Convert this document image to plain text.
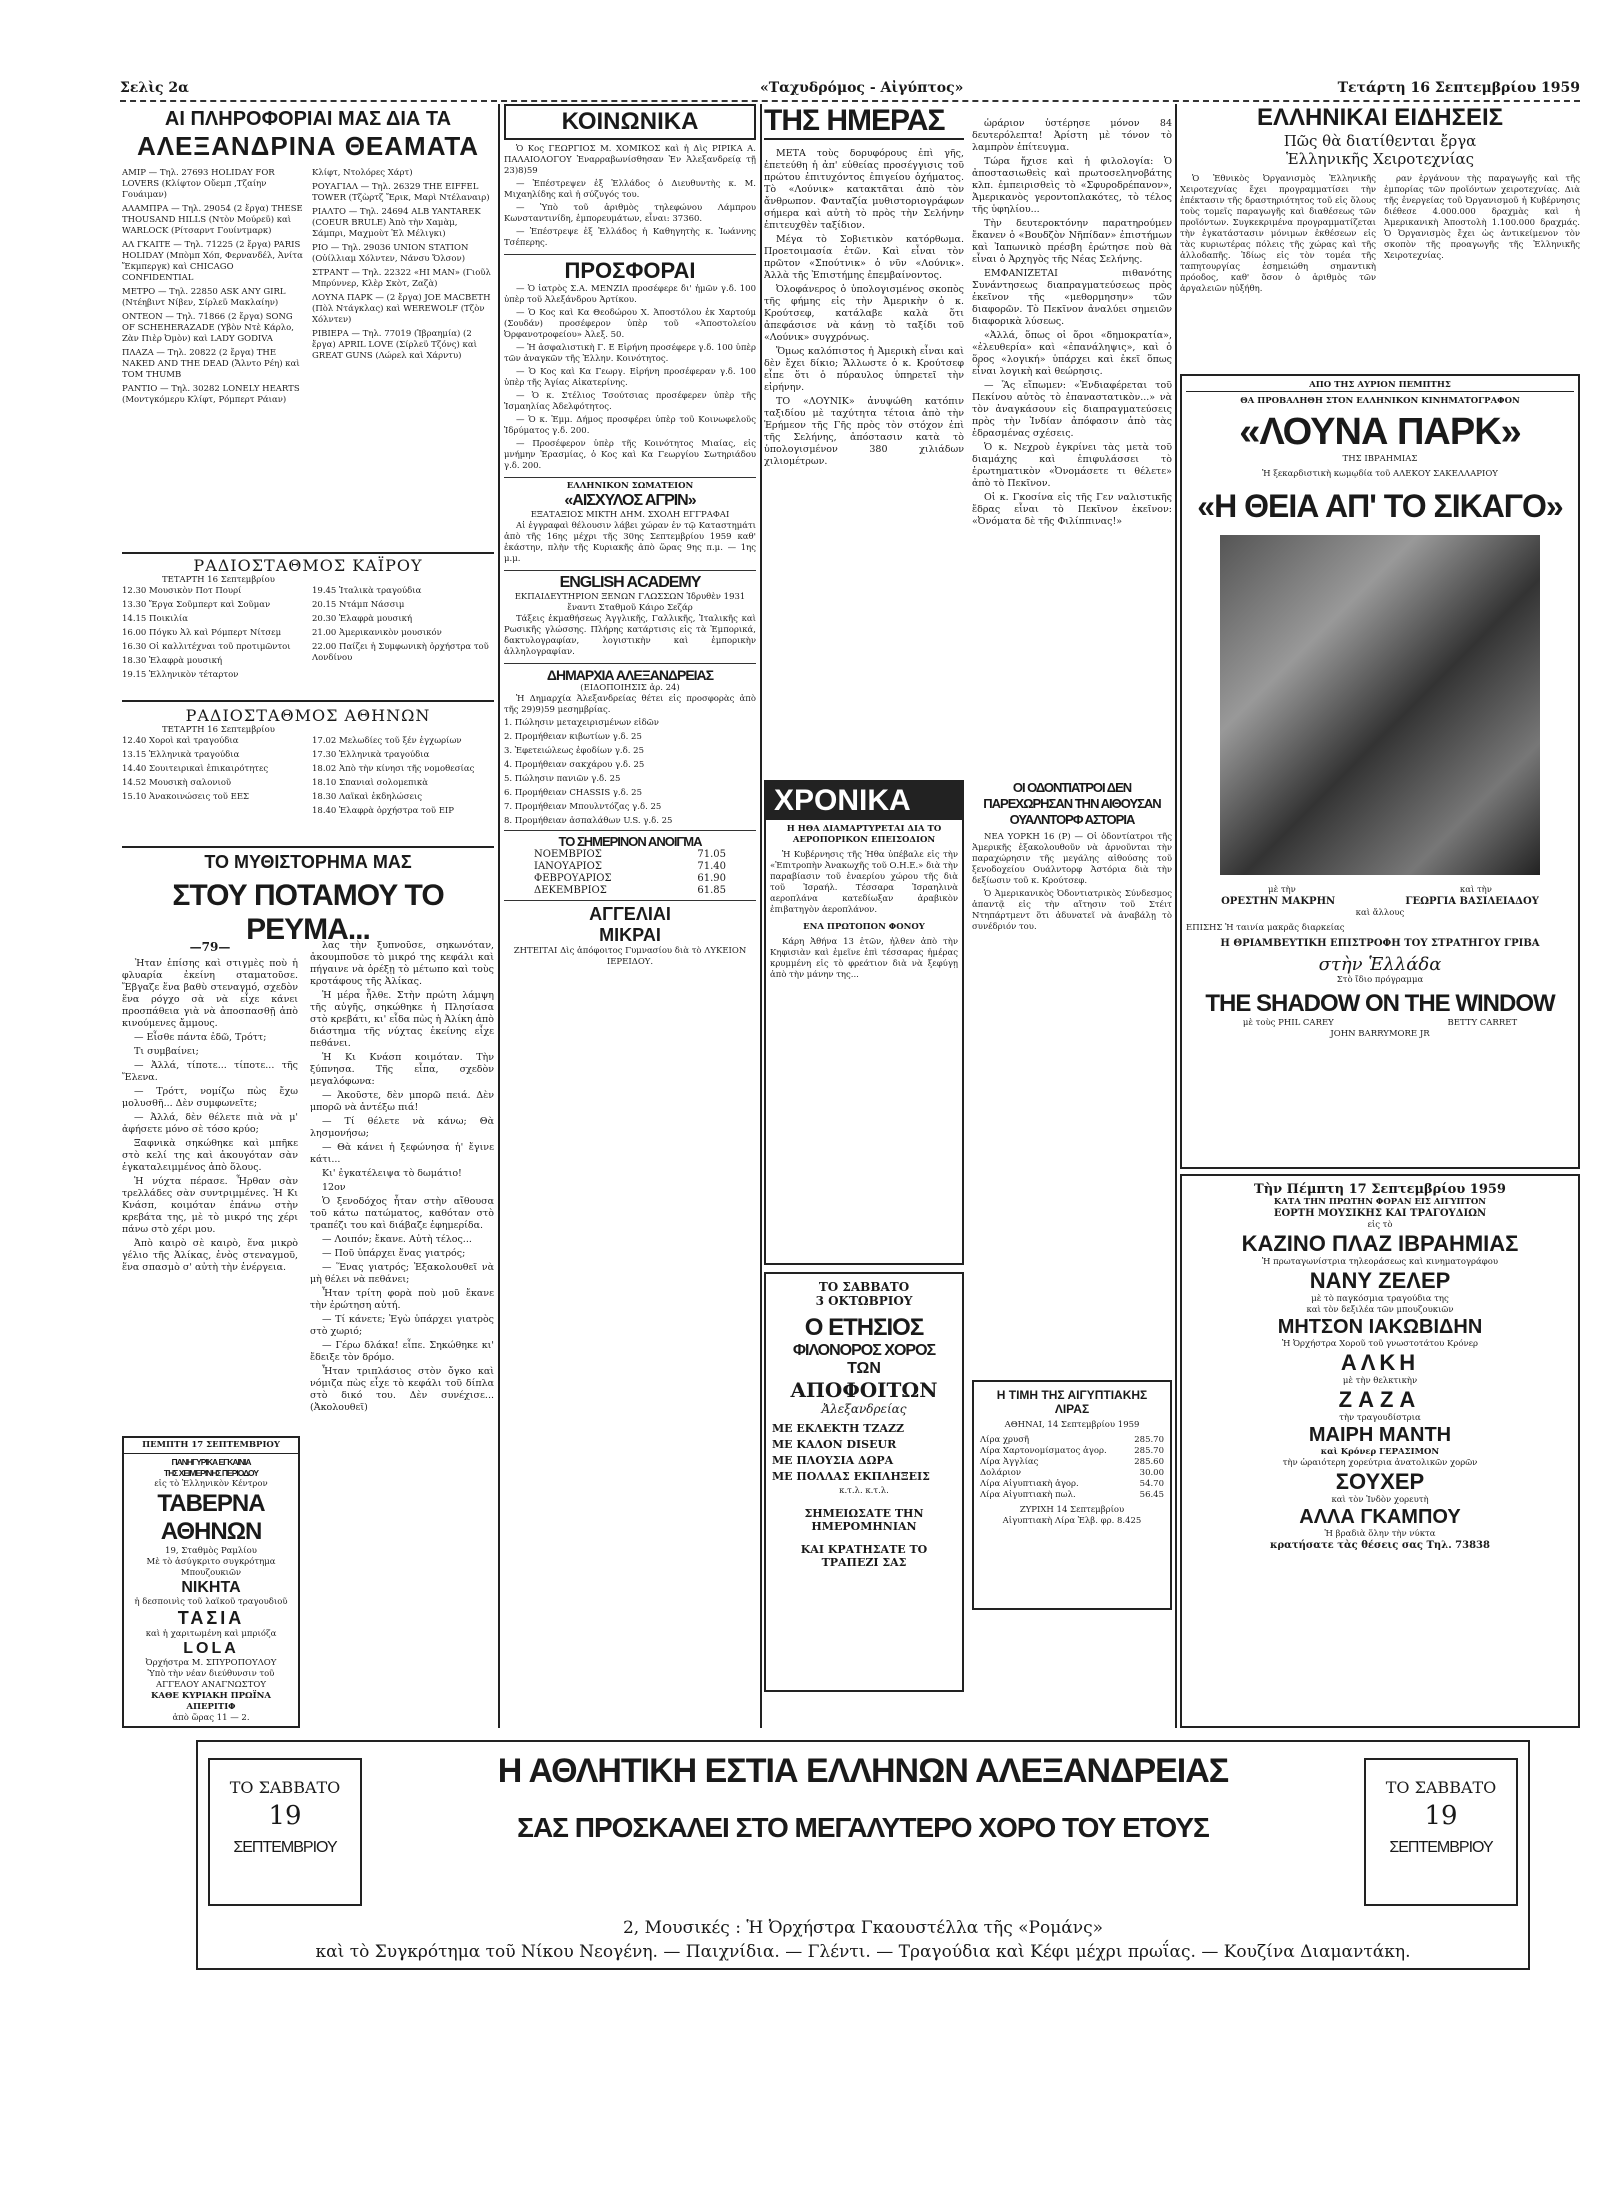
Σελὶς 2α	«Ταχυδρόμος - Αἰγύπτος»	Τετάρτη 16 Σεπτεμβρίου 1959
ΑΙ ΠΛΗΡΟΦΟΡΙΑΙ ΜΑΣ ΔΙΑ ΤΑ
ΑΛΕΞΑΝΔΡΙΝΑ ΘΕΑΜΑΤΑ
ΑΜΙΡ — Τηλ. 27693 HOLIDAY FOR LOVERS (Κλίφτον Οὔεμπ ,Τζαίην Γουάιμαν)
ΑΛΑΜΠΡΑ — Τηλ. 29054 (2 ἔργα) THESE THOUSAND HILLS (Ντὸν Μούρεϋ) καὶ WARLOCK (Ρίτσαρντ Γουίντμαρκ)
ΑΛ ΓΚΑΙΤΕ — Τηλ. 71225 (2 ἔργα) PARIS HOLIDAY (Μπὸμπ Χόπ, Φερνανδέλ, Ἀνίτα Ἔκμπεργκ) καὶ CHICAGO CONFIDENTIAL
ΜΕΤΡΟ — Τηλ. 22850 ASK ANY GIRL (Ντέηβιντ Νίβεν, Σίρλεϋ Μακλαίην)
ΟΝΤΕΟΝ — Τηλ. 71866 (2 ἔργα) SONG OF SCHEHERAZADE (Υβὸν Ντὲ Κάρλο, Ζὰν Πιὲρ Ὀμὸν) καὶ LADY GODIVA
ΠΛΑΖΑ — Τηλ. 20822 (2 ἔργα) THE NAKED AND THE DEAD (Ἄλντο Ρέη) καὶ TOM THUMB
ΡΑΝΤΙΟ — Τηλ. 30282 LONELY HEARTS (Μοντγκόμερυ Κλίφτ, Ρόμπερτ Ράιαν)
Κλίφτ, Ντολόρες Χάρτ)
ΡΟΥΑΓΙΑΛ — Τηλ. 26329 THE EIFFEL TOWER (Τζὼρτζ Ἔρικ, Μαρὶ Ντέλαναιρ)
ΡΙΑΛΤΟ — Τηλ. 24694 ALB YANTAREK (COEUR BRULE) Ἀπὸ τὴν Χαμὰμ, Σάμπρι, Μαχμοὺτ Ἐλ Μέλιγκι)
ΡΙΟ — Τηλ. 29036 UNION STATION (Οὐίλλιαμ Χόλντεν, Νάνσυ Ὄλσον)
ΣΤΡΑΝΤ — Τηλ. 22322 «ΗΙ ΜΑΝ» (Γιοῦλ Μπρύννερ, Κλὲρ Σκὸτ, Ζαζὰ)
ΛΟΥΝΑ ΠΑΡΚ — (2 ἔργα) JOE MACBETH (Πὸλ Ντάγκλας) καὶ WEREWOLF (Τζὸν Χόλντεν)
ΡΙΒΙΕΡΑ — Τηλ. 77019 (Ἰβραημία) (2 ἔργα) APRIL LOVE (Σίρλεϋ Τζόνς) καὶ GREAT GUNS (Λώρελ καὶ Χάρντυ)
ΡΑΔΙΟΣΤΑΘΜΟΣ ΚΑΪΡΟΥ
ΤΕΤΑΡΤΗ 16 Σεπτεμβρίου
12.30 Μουσικὸν Ποτ Πουρί
13.30 Ἔργα Σοῦμπερτ καὶ Σοῦμαν
14.15 Ποικιλία
16.00 Πόγκυ Ἀλ καὶ Ρόμπερτ Νίτσεμ
16.30 Οἱ καλλιτέχναι τοῦ προτιμῶντοι
18.30 Ἑλαφρὰ μουσική
19.15 Ἑλληνικὸν τέταρτον
19.45 Ἰταλικὰ τραγούδια
20.15 Ντάμπ Νάσσιμ
20.30 Ἑλαφρὰ μουσική
21.00 Ἀμερικανικὸν μουσικόν
22.00 Παίζει ἡ Συμφωνικὴ ὀρχήστρα τοῦ Λονδίνου
ΡΑΔΙΟΣΤΑΘΜΟΣ ΑΘΗΝΩΝ
ΤΕΤΑΡΤΗ 16 Σεπτεμβρίου
12.40 Χοροὶ καὶ τραγούδια
13.15 Ἑλληνικὰ τραγούδια
14.40 Σουιτειρικαὶ ἐπικαιρότητες
14.52 Μουσικὴ σαλονιοῦ
15.10 Ἀνακοινώσεις τοῦ ΕΕΣ
17.02 Μελωδίες τοῦ ξέν ἐγχωρίων
17.30 Ἑλληνικὰ τραγούδια
18.02 Ἀπὸ τὴν κίνησι τῆς νομοθεσίας
18.10 Σπανιαὶ σολομεπικὰ
18.30 Λαϊκαὶ ἐκδηλώσεις
18.40 Ἑλαφρὰ ὀρχήστρα τοῦ ΕΙΡ
ΤΟ ΜΥΘΙΣΤΟΡΗΜΑ ΜΑΣ
ΣΤΟΥ ΠΟΤΑΜΟΥ ΤΟ ΡΕΥΜΑ...
—79—

Ἦταν ἐπίσης καὶ στιγμὲς ποὺ ἡ φλυαρία ἐκείνη σταματοῦσε. Ἔβγαζε ἕνα βαθὺ στεναγμό, σχεδὸν ἕνα ρόγχο σὰ νὰ εἶχε κάνει προσπάθεια γιὰ νὰ ἀποσπασθῇ ἀπὸ κινούμενες ἄμμους.

— Εἶσθε πάντα ἐδῶ, Τρόττ;

Τι συμβαίνει;

— Ἀλλά, τίποτε... τίποτε... τῆς Ἔλενα.

— Τρόττ, νομίζω πὼς ἔχω μολυσθῆ... Δὲν συμφωνεῖτε;

— Ἀλλά, δὲν θέλετε πιὰ νὰ μ' ἀφήσετε μόνο σὲ τόσο κρύο;

Ξαφνικὰ σηκώθηκε καὶ μπῆκε στὸ κελί της καὶ ἀκουγόταν σὰν ἐγκαταλειμμένος ἀπὸ ὅλους.

Ἡ νύχτα πέρασε. Ἦρθαν σὰν τρελλάδες σὰν συντριμμένες. Ἡ Κι Κνάσπ, κοιμόταν ἐπάνω στὴν κρεβάτα της, μὲ τὸ μικρό της χέρι πάνω στὸ χέρι μου.

Ἀπὸ καιρὸ σὲ καιρὸ, ἕνα μικρὸ γέλιο τῆς Ἀλίκας, ἐνὸς στεναγμοῦ, ἕνα σπασμὸ σ' αὐτὴ τὴν ἐνέργεια.

λας τὴν ξυπνοῦσε, σηκωνόταν, ἀκουμποῦσε τὸ μικρό της κεφάλι καὶ πήγαινε νὰ ὀρέξῃ τὸ μέτωπο καὶ τοὺς κροτάφους τῆς Ἀλίκας.

Ἡ μέρα ἦλθε. Στὴν πρώτη λάμψη τῆς αὐγῆς, σηκώθηκε ἡ Πλησίασα στὸ κρεβάτι, κι' εἶδα πὼς ἡ Ἀλίκη ἀπὸ διάστημα τῆς νύχτας ἐκείνης εἶχε πεθάνει.

Ἡ Κι Κνάσπ κοιμόταν. Τὴν ξύπνησα. Τῆς εἶπα, σχεδὸν μεγαλόφωνα:

— Ἀκοῦστε, δὲν μπορῶ πειά. Δὲν μπορῶ νὰ ἀντέξω πιά!

— Τί θέλετε νὰ κάνω; Θὰ λησμονήσω;

— Θὰ κάνει ἡ ξεφώνησα ἡ' ἔγινε κάτι...

Κι' ἐγκατέλειψα τὸ δωμάτιο!

12ον

Ὁ ξενοδόχος ἦταν στὴν αἴθουσα τοῦ κάτω πατώματος, καθόταν στὸ τραπέζι του καὶ διάβαζε ἐφημερίδα.

— Λοιπόν; ἔκανε. Αὐτὴ τέλος...

— Ποῦ ὑπάρχει ἕνας γιατρός;

— Ἕνας γιατρός; Ἐξακολουθεῖ νὰ μὴ θέλει νὰ πεθάνει;

Ἦταν τρίτη φορὰ ποὺ μοῦ ἔκανε τὴν ἐρώτηση αὐτή.

— Τί κάνετε; Ἐγὼ ὑπάρχει γιατρὸς στὸ χωριό;

— Γέρω δλάκα! εἶπε. Σηκώθηκε κι' ἔδειξε τὸν δρόμο.

Ἦταν τριπλάσιος στὸν ὄγκο καὶ νόμιζα πὼς εἶχε τὸ κεφάλι τοῦ δίπλα στὸ δικό του. Δὲν συνέχισε... (Ἀκολουθεῖ)

ΠΕΜΠΤΗ 17 ΣΕΠΤΕΜΒΡΙΟΥ
ΠΑΝΗΓΥΡΙΚΑ ΕΓΚΑΙΝΙΑ
ΤΗΣ ΧΕΙΜΕΡΙΝΗΣ ΠΕΡΙΟΔΟΥ
εἰς τὸ Ἑλληνικὸν Κέντρον
ΤΑΒΕΡΝΑ
ΑΘΗΝΩΝ
19, Σταθμὸς Ραμλίου
Μὲ τὸ ἀσύγκριτο συγκρότημα Μπουζουκιῶν
ΝΙΚΗΤΑ
ἡ δεσποινὶς τοῦ λαϊκοῦ τραγουδιοῦ
ΤΑΣΙΑ
καὶ ἡ χαριτωμένη καὶ μπριόζα
LOLA
Ὀρχήστρα Μ. ΣΠΥΡΟΠΟΥΛΟΥ
Ὑπὸ τὴν νέαν διεύθυνσιν τοῦ ΑΓΓΕΛΟΥ ΑΝΑΓΝΩΣΤΟΥ
ΚΑΘΕ ΚΥΡΙΑΚΗ ΠΡΩΪΝΑ ΑΠΕΡΙΤΙΦ
ἀπὸ ὥρας 11 — 2.
ΚΟΙΝΩΝΙΚΑ

Ὁ Κος ΓΕΩΡΓΙΟΣ Μ. ΧΟΜΙΚΟΣ καὶ ἡ Δὶς ΡΙΡΙΚΑ Α. ΠΑΛΑΙΟΛΟΓΟΥ Ἐναρραβωνίσθησαν Ἐν Ἀλεξανδρείᾳ τῇ 23)8)59

— Ἐπέστρεψεν ἐξ Ἑλλάδος ὁ Διευθυντὴς κ. Μ. Μιχαηλίδης καὶ ἡ σύζυγός του.

— Ὑπὸ τοῦ ἀριθμὸς τηλεφώνου Λάμπρου Κωνσταντινίδη, ἐμπορευμάτων, εἶναι: 37360.

— Ἐπέστρεψε ἐξ Ἑλλάδος ἡ Καθηγητὴς κ. Ἰωάννης Τσέπερης.

ΠΡΟΣΦΟΡΑΙ

— Ὁ ἰατρὸς Σ.Α. ΜΕΝΖΙΛ προσέφερε δι' ἡμῶν γ.δ. 100 ὑπὲρ τοῦ Ἀλεξάνδρου Ἀρτίκου.

— Ὁ Κος καὶ Κα Θεοδώρου Χ. Ἀποστόλου ἐκ Χαρτούμ (Σουδάν) προσέφερον ὑπὲρ τοῦ «Ἀποστολείου Ὀρφανοτροφείου» Ἀλεξ. 50.

— Ἡ ἀσφαλιστικὴ Γ. Ε Εἰρήνη προσέφερε γ.δ. 100 ὑπὲρ τῶν ἀναγκῶν τῆς Ἑλλην. Κοινότητος.

— Ὁ Κος καὶ Κα Γεωργ. Εἰρήνη προσέφεραν γ.δ. 100 ὑπὲρ τῆς Ἁγίας Αἰκατερίνης.

— Ὁ κ. Στέλιος Τσούτσιας προσέφερεν ὑπὲρ τῆς Ἰσμαηλίας Ἀδελφότητος.

— Ὁ κ. Ἐμμ. Δήμος προσφέρει ὑπὲρ τοῦ Κοινωφελοῦς Ἱδρύματος γ.δ. 200.

— Προσέφερον ὑπὲρ τῆς Κοινότητος Μιαίας, εἰς μνήμην Ἐρασμίας, ὁ Κος καὶ Κα Γεωργίου Σωτηριάδου γ.δ. 200.

ΕΛΛΗΝΙΚΟΝ ΣΩΜΑΤΕΙΟΝ
«ΑΙΣΧΥΛΟΣ ΑΓΡΙΝ»
ΕΞΑΤΑΞΙΟΣ ΜΙΚΤΗ ΔΗΜ. ΣΧΟΛΗ ΕΓΓΡΑΦΑΙ

Αἱ ἐγγραφαὶ θέλουσιν λάβει χώραν ἐν τῷ Καταστημάτι ἀπὸ τῆς 16ης μέχρι τῆς 30ης Σεπτεμβρίου 1959 καθ' ἑκάστην, πλὴν τῆς Κυριακῆς ἀπὸ ὥρας 9ης π.μ. — 1ης μ.μ.

ENGLISH ACADEMY
ΕΚΠΑΙΔΕΥΤΗΡΙΟΝ ΞΕΝΩΝ ΓΛΩΣΣΩΝ Ἱδρυθὲν 1931
ἔναντι Σταθμοῦ Κάιρο Σεζάρ

Τάξεις ἐκμαθήσεως Ἀγγλικῆς, Γαλλικῆς, Ἰταλικῆς καὶ Ρωσικῆς γλώσσης. Πλήρης κατάρτισις εἰς τὰ Ἐμπορικά, δακτυλογραφίαν, λογιστικὴν καὶ ἐμπορικὴν ἀλληλογραφίαν.

ΔΗΜΑΡΧΙΑ ΑΛΕΞΑΝΔΡΕΙΑΣ
(ΕΙΔΟΠΟΙΗΣΙΣ ἀρ. 24)

Ἡ Δημαρχία Ἀλεξανδρείας θέτει εἰς προσφορὰς ἀπὸ τῆς 29)9)59 μεσημβρίας.

1. Πώλησιν μεταχειρισμένων εἰδῶν
2. Προμήθειαν κιβωτίων γ.δ. 25
3. Ἐφετειώλεως ἐφοδίων γ.δ. 25
4. Προμήθειαν σακχάρου γ.δ. 25
5. Πώλησιν πανιῶν γ.δ. 25
6. Προμήθειαν CHASSIS γ.δ. 25
7. Προμήθειαν Μπουλντόζας γ.δ. 25
8. Προμήθειαν ἀσπαλάθων U.S. γ.δ. 25
ΤΟ ΣΗΜΕΡΙΝΟΝ ΑΝΟΙΓΜΑ
ΝΟΕΜΒΡΙΟΣ	71.05
ΙΑΝΟΥΑΡΙΟΣ	71.40
ΦΕΒΡΟΥΑΡΙΟΣ	61.90
ΔΕΚΕΜΒΡΙΟΣ	61.85
ΑΓΓΕΛΙΑΙ
ΜΙΚΡΑΙ
ΖΗΤΕΙΤΑΙ Δὶς ἀπόφοιτος Γυμνασίου διὰ τὸ ΛΥΚΕΙΟΝ ΙΕΡΕΙΔΟΥ.
ΤΗΣ ΗΜΕΡΑΣ

ΜΕΤΑ τοὺς δορυφόρους ἐπὶ γῆς, ἐπετεύθη ἡ ἀπ' εὐθείας προσέγγισις τοῦ πρώτου ἐπιτυχόντος ἐπιγείου ὀχήματος. Τὸ «Λούνικ» κατακτᾶται ἀπὸ τὸν ἄνθρωπον. Φανταζία μυθιστοριογράφων σήμερα καὶ αὐτὴ τὸ πρὸς τὴν Σελήνην ἐπιτευχθὲν ταξίδιον.

Μέγα τὸ Σοβιετικὸν κατόρθωμα. Προετοιμασία ἐτῶν. Καὶ εἶναι τὸν πρῶτον «Σπούτνικ» ὁ νῦν «Λούνικ». Ἀλλὰ τῆς Ἐπιστήμης ἐπεμβαίνοντος.

Ὀλοφάνερος ὁ ὑπολογισμένος σκοπὸς τῆς φήμης εἰς τὴν Ἀμερικὴν ὁ κ. Κρούτσεφ, κατάλαβε καλὰ ὅτι ἀπεφάσισε νὰ κάνῃ τὸ ταξίδι τοῦ «Λούνικ» συγχρόνως.

Ὅμως καλόπιστος ἡ Ἀμερικὴ εἶναι καὶ δὲν ἔχει δίκιο; Ἄλλωστε ὁ κ. Κρούτσεφ εἶπε ὅτι ὁ πύραυλος ὑπηρετεῖ τὴν εἰρήνην.

ΤΟ «ΛΟΥΝΙΚ» ἀνυψώθη κατόπιν ταξιδίου μὲ ταχύτητα τέτοια ἀπὸ τὴν Ἑρήμεον τῆς Γῆς πρὸς τὸν στόχον ἐπὶ τῆς Σελήνης, ἀπόστασιν κατὰ τὸ ὑπολογισμένον 380 χιλιάδων χιλιομέτρων.

ὡράριον ὑστέρησε μόνον 84 δευτερόλεπτα! Ἀρίστη μὲ τόνον τὸ λαμπρὸν ἐπίτευγμα.

Τώρα ἤχισε καὶ ἡ φιλολογία: Ὁ ἀποστασιωθεὶς καὶ πρωτοσεληνοβάτης κλπ. ἐμπειρισθεὶς τὸ «Σφυροδρέπανον», Ἀμερικανὸς γεροντοπλακότες, τὸ τέλος τῆς ὑφηλίου...

Τὴν δευτεροκτόνην παρατηρούμεν ἔκανεν ὁ «Βουδζὸν Νῆπίδαν» ἐπιστήμων καὶ Ἰαπωνικὸ πρέσβη ἐρώτησε ποὺ θὰ εἶναι ὁ Ἀρχηγὸς τῆς Νέας Σελήνης.

ΕΜΦΑΝΙΖΕΤΑΙ πιθανότης Συνάντησεως διαπραγματεύσεως πρὸς ἐκεῖνον τῆς «μεθορμησην» τῶν διαφορῶν. Τὸ Πεκῖνον ἀναλύει σημειῶν διαφορικὰ λύσεως.

«Ἀλλά, ὅπως οἱ ὅροι «δημοκρατία», «ἐλευθερία» καὶ «ἐπανάληψις», καὶ ὁ ὅρος «λογική» ὑπάρχει καὶ ἐκεῖ ὅπως εἶναι λογικὴ καὶ θεώρησις.

— Ἂς εἴπωμεν: «Ἐνδιαφέρεται τοῦ Πεκίνου αὐτὸς τὸ ἐπαναστατικὸν...» νὰ τὸν ἀναγκάσουν εἰς διαπραγματεύσεις πρὸς τὴν Ἰνδίαν ἀπόφασιν ἀπὸ τὰς ἑδρασμένας σχέσεις.

Ὁ κ. Νεχροὺ ἐγκρίνει τὰς μετὰ τοῦ διαμάχης καὶ ἐπιφυλάσσει τὸ ἐρωτηματικὸν «Ὀνομάσετε τι θέλετε» ἀπὸ τὸ Πεκῖνον.

Οἱ κ. Γκοσίνα εἰς τῆς Γεν ναλιστικῆς ἔδρας εἶναι τὸ Πεκῖνον ἐκεῖνον: «Ὀνόματα δὲ τῆς Φιλίππινας!»

ΧΡΟΝΙΚΑ
Η ΗΘΑ ΔΙΑΜΑΡΤΥΡΕΤΑΙ ΔΙΑ ΤΟ ΑΕΡΟΠΟΡΙΚΟΝ ΕΠΕΙΣΟΔΙΟΝ

Ἡ Κυβέρνησις τῆς Ἡθα ὑπέβαλε εἰς τὴν «Ἐπιτροπὴν Ἀνακωχῆς τοῦ Ο.Η.Ε.» διὰ τὴν παραβίασιν τοῦ ἐναερίου χώρου τῆς διὰ τοῦ Ἰσραήλ. Τέσσαρα Ἰσραηλινὰ αεροπλάνα κατεδίωξαν ἀραβικὸν ἐπιβατηγὸν ἀεροπλάνον.

ΕΝΑ ΠΡΩΤΟΠΟΝ ΦΟΝΟΥ

Κάρη Ἀθήνα 13 ἐτῶν, ἦλθεν ἀπὸ τὴν Κηφισιὰν καὶ ἐμεῖνε ἐπὶ τέσσαρας ἡμέρας κρυμμένη εἰς τὸ φρεάτιον διὰ νὰ ξεφύγῃ ἀπὸ τὴν μάνην της...

ΟΙ ΟΔΟΝΤΙΑΤΡΟΙ ΔΕΝ ΠΑΡΕΧΩΡΗΣΑΝ ΤΗΝ ΑΙΘΟΥΣΑΝ ΟΥΑΛΝΤΟΡΦ ΑΣΤΟΡΙΑ

ΝΕΑ ΥΟΡΚΗ 16 (Ρ) — Οἱ ὀδοντίατροι τῆς Ἀμερικῆς ἐξακολουθοῦν νὰ ἀρνοῦνται τὴν παραχώρησιν τῆς μεγάλης αἰθούσης τοῦ ξενοδοχείου Ουάλντορφ Ἀστόρια διὰ τὴν δεξίωσιν τοῦ κ. Κρούτσεφ.

Ὁ Ἀμερικανικὸς Ὀδοντιατρικὸς Σύνδεσμος ἀπαντᾷ εἰς τὴν αἴτησιν τοῦ Στέιτ Ντηπάρτμεντ ὅτι ἀδυνατεῖ νὰ ἀναβάλῃ τὸ συνέδριόν του.

ΤΟ ΣΑΒΒΑΤΟ
3 ΟΚΤΩΒΡΙΟΥ
Ο ΕΤΗΣΙΟΣ
ΦΙΛΟΝΟΡΟΣ ΧΟΡΟΣ
ΤΩΝ
ΑΠΟΦΟΙΤΩΝ
Ἀλεξανδρείας
ΜΕ ΕΚΛΕΚΤΗ ΤΖΑΖΖ
ΜΕ ΚΑΛΟΝ DISEUR
ΜΕ ΠΛΟΥΣΙΑ ΔΩΡΑ
ΜΕ ΠΟΛΛΑΣ ΕΚΠΛΗΞΕΙΣ
κ.τ.λ. κ.τ.λ.
ΣΗΜΕΙΩΣΑΤΕ ΤΗΝ ΗΜΕΡΟΜΗΝΙΑΝ
ΚΑΙ ΚΡΑΤΗΣΑΤΕ ΤΟ ΤΡΑΠΕΖΙ ΣΑΣ
Η ΤΙΜΗ ΤΗΣ ΑΙΓΥΠΤΙΑΚΗΣ ΛΙΡΑΣ
ΑΘΗΝΑΙ, 14 Σεπτεμβρίου 1959
Λίρα χρυσῆ	285.70
Λίρα Χαρτονομίσματος ἀγορ.	285.70
Λίρα Ἀγγλίας	285.60
Δολάριον	30.00
Λίρα Αἰγυπτιακὴ ἀγορ.	54.70
Λίρα Αἰγυπτιακὴ πωλ.	56.45
ΖΥΡΙΧΗ 14 Σεπτεμβρίου
Αἰγυπτιακὴ Λίρα Ἑλβ. φρ. 8.425
ΕΛΛΗΝΙΚΑΙ ΕΙΔΗΣΕΙΣ
Πῶς θὰ διατίθενται ἔργα
Ἑλληνικῆς Χειροτεχνίας

Ὁ Ἐθνικὸς Ὀργανισμὸς Ἑλληνικῆς Χειροτεχνίας ἔχει προγραμματίσει τὴν ἐπέκτασιν τῆς δραστηριότητος τοῦ εἰς ὅλους τοὺς τομεῖς παραγωγῆς καὶ διαθέσεως τῶν προϊόντων. Συγκεκριμένα προγραμματίζεται τὴν ἐγκατάστασιν μόνιμων ἐκθέσεων εἰς τὰς κυριωτέρας πόλεις τῆς χώρας καὶ τῆς ἀλλοδαπῆς. Ἰδίως εἰς τὸν τομέα τῆς ταπητουργίας ἐσημειώθη σημαντικὴ πρόοδος, καθ' ὅσον ὁ ἀριθμὸς τῶν ἀργαλειῶν ηὐξήθη.

ραν ἐργάνουν τὴς παραγωγῆς καὶ τῆς ἐμπορίας τῶν προϊόντων χειροτεχνίας. Διὰ τῆς ἐνεργείας τοῦ Ὀργανισμοῦ ἡ Κυβέρνησις διέθεσε 4.000.000 δραχμὰς καὶ ἡ Ἀμερικανικὴ Ἀποστολὴ 1.100.000 δραχμάς. Ὁ Ὀργανισμὸς ἔχει ὡς ἀντικείμενον τὸν σκοπὸν τῆς προαγωγῆς τῆς Ἑλληνικῆς Χειροτεχνίας.

ΑΠΟ ΤΗΣ ΑΥΡΙΟΝ ΠΕΜΠΤΗΣ
ΘΑ ΠΡΟΒΑΛΗΘΗ ΣΤΟΝ ΕΛΛΗΝΙΚΟΝ ΚΙΝΗΜΑΤΟΓΡΑΦΟΝ
«ΛΟΥΝΑ ΠΑΡΚ»
ΤΗΣ ΙΒΡΑΗΜΙΑΣ
Ἡ ξεκαρδιστικὴ κωμῳδία τοῦ ΑΛΕΚΟΥ ΣΑΚΕΛΛΑΡΙΟΥ
«Η ΘΕΙΑ ΑΠ' ΤΟ ΣΙΚΑΓΟ»
μὲ τὴν	καὶ τὴν
ΟΡΕΣΤΗΝ ΜΑΚΡΗΝ	ΓΕΩΡΓΙΑ ΒΑΣΙΛΕΙΑΔΟΥ
καὶ ἄλλους
ΕΠΙΣΗΣ Ἡ ταινία μακρᾶς διαρκείας
Η ΘΡΙΑΜΒΕΥΤΙΚΗ ΕΠΙΣΤΡΟΦΗ ΤΟΥ ΣΤΡΑΤΗΓΟΥ ΓΡΙΒΑ
στὴν Ἑλλάδα
Στὸ ἴδιο πρόγραμμα
THE SHADOW ON THE WINDOW
μὲ τοὺς PHIL CAREY	BETTY CARRET
JOHN BARRYMORE JR
Τὴν Πέμπτη 17 Σεπτεμβρίου 1959
ΚΑΤΑ ΤΗΝ ΠΡΩΤΗΝ ΦΟΡΑΝ ΕΙΣ ΑΙΓΥΠΤΟΝ
ΕΟΡΤΗ ΜΟΥΣΙΚΗΣ ΚΑΙ ΤΡΑΓΟΥΔΙΩΝ
εἰς τὸ
ΚΑΖΙΝΟ ΠΛΑΖ ΙΒΡΑΗΜΙΑΣ
Ἡ πρωταγωνίστρια τηλεοράσεως καὶ κινηματογράφου
ΝΑΝΥ ΖΕΛΕΡ
μὲ τὸ παγκόσμια τραγούδια της
καὶ τὸν δεξιλέα τῶν μπουζουκιῶν
ΜΗΤΣΟΝ ΙΑΚΩΒΙΔΗΝ
Ἡ Ὀρχήστρα Χοροῦ τοῦ γνωστοτάτου Κρόνερ
ΑΛΚΗ
μὲ τὴν θελκτικὴν
ΖΑΖΑ
τὴν τραγουδίστρια
ΜΑΙΡΗ ΜΑΝΤΗ
καὶ Κρόνερ ΓΕΡΑΣΙΜΟΝ
τὴν ὡραιότερη χορεύτρια ἀνατολικῶν χορῶν
ΣΟΥΧΕΡ
καὶ τὸν Ἰνδὸν χορευτὴ
ΑΛΛΑ ΓΚΑΜΠΟΥ
Ἡ βραδιὰ ὅλην τὴν νύκτα
κρατήσατε τὰς θέσεις σας Τηλ. 73838
ΤΟ ΣΑΒΒΑΤΟ
19
ΣΕΠΤΕΜΒΡΙΟΥ
ΤΟ ΣΑΒΒΑΤΟ
19
ΣΕΠΤΕΜΒΡΙΟΥ
Η ΑΘΛΗΤΙΚΗ ΕΣΤΙΑ ΕΛΛΗΝΩΝ ΑΛΕΞΑΝΔΡΕΙΑΣ
ΣΑΣ ΠΡΟΣΚΑΛΕΙ ΣΤΟ ΜΕΓΑΛΥΤΕΡΟ ΧΟΡΟ ΤΟΥ ΕΤΟΥΣ
2, Μουσικές : Ἡ Ὀρχήστρα Γκαουστέλλα τῆς «Ρομάνς»
καὶ τὸ Συγκρότημα τοῦ Νίκου Νεογένη. — Παιχνίδια. — Γλέντι. — Τραγούδια καὶ Κέφι μέχρι πρωΐας. — Κουζίνα Διαμαντάκη.
